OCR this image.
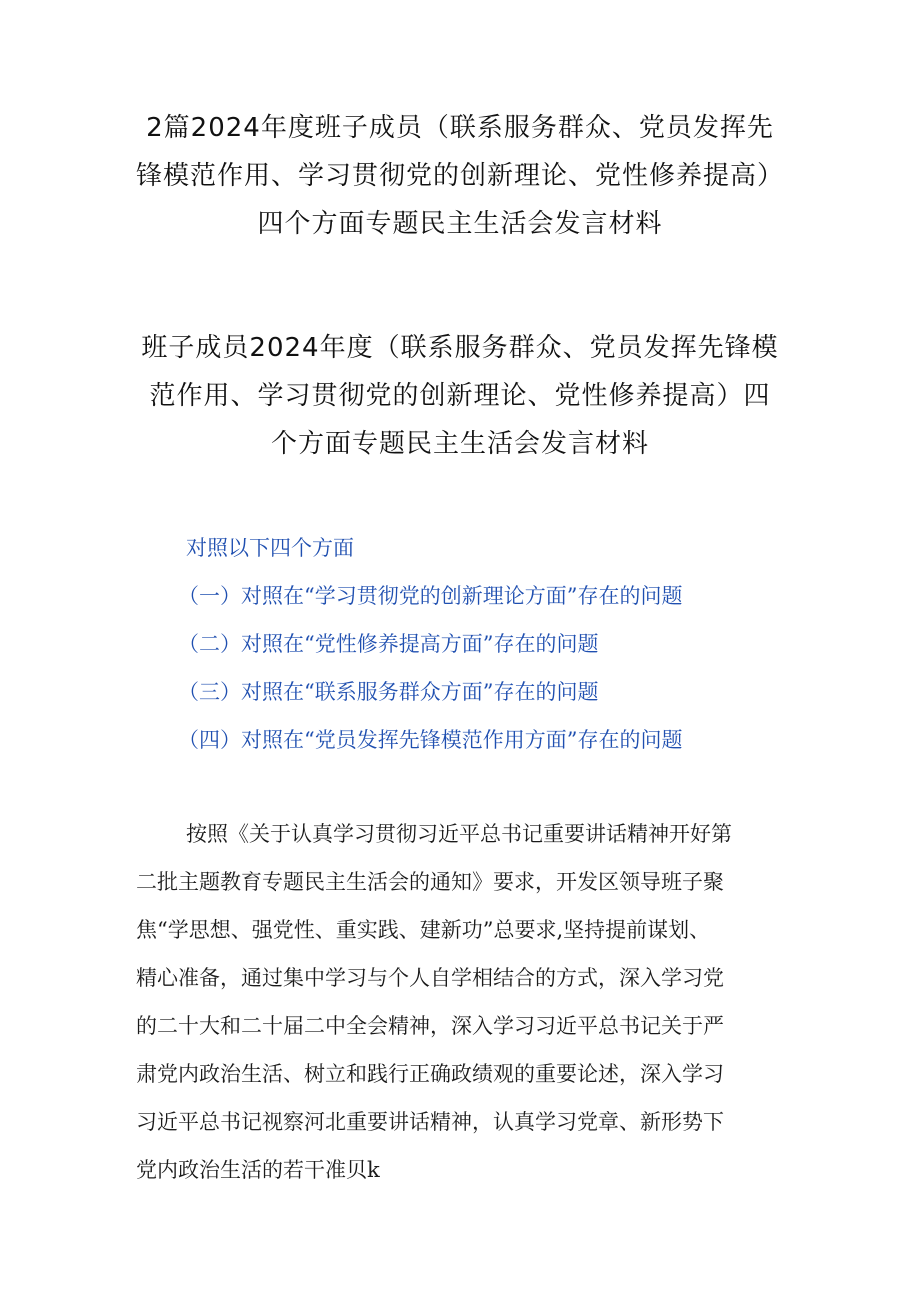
2篇2024年度班子成员（联系服务群众、党员发挥先
锋模范作用、学习贯彻党的创新理论、党性修养提高）
四个方面专题民主生活会发言材料
班子成员2024年度（联系服务群众、党员发挥先锋模
范作用、学习贯彻党的创新理论、党性修养提高）四
个方面专题民主生活会发言材料
对照以下四个方面
（一）对照在“学习贯彻党的创新理论方面”存在的问题
（二）对照在“党性修养提高方面”存在的问题
（三）对照在“联系服务群众方面”存在的问题
（四）对照在“党员发挥先锋模范作用方面”存在的问题
按照《关于认真学习贯彻习近平总书记重要讲话精神开好第
二批主题教育专题民主生活会的通知》要求，开发区领导班子聚
焦“学思想、强党性、重实践、建新功”总要求,坚持提前谋划、
精心准备，通过集中学习与个人自学相结合的方式，深入学习党
的二十大和二十届二中全会精神，深入学习习近平总书记关于严
肃党内政治生活、树立和践行正确政绩观的重要论述，深入学习
习近平总书记视察河北重要讲话精神，认真学习党章、新形势下
党内政治生活的若干准贝k
